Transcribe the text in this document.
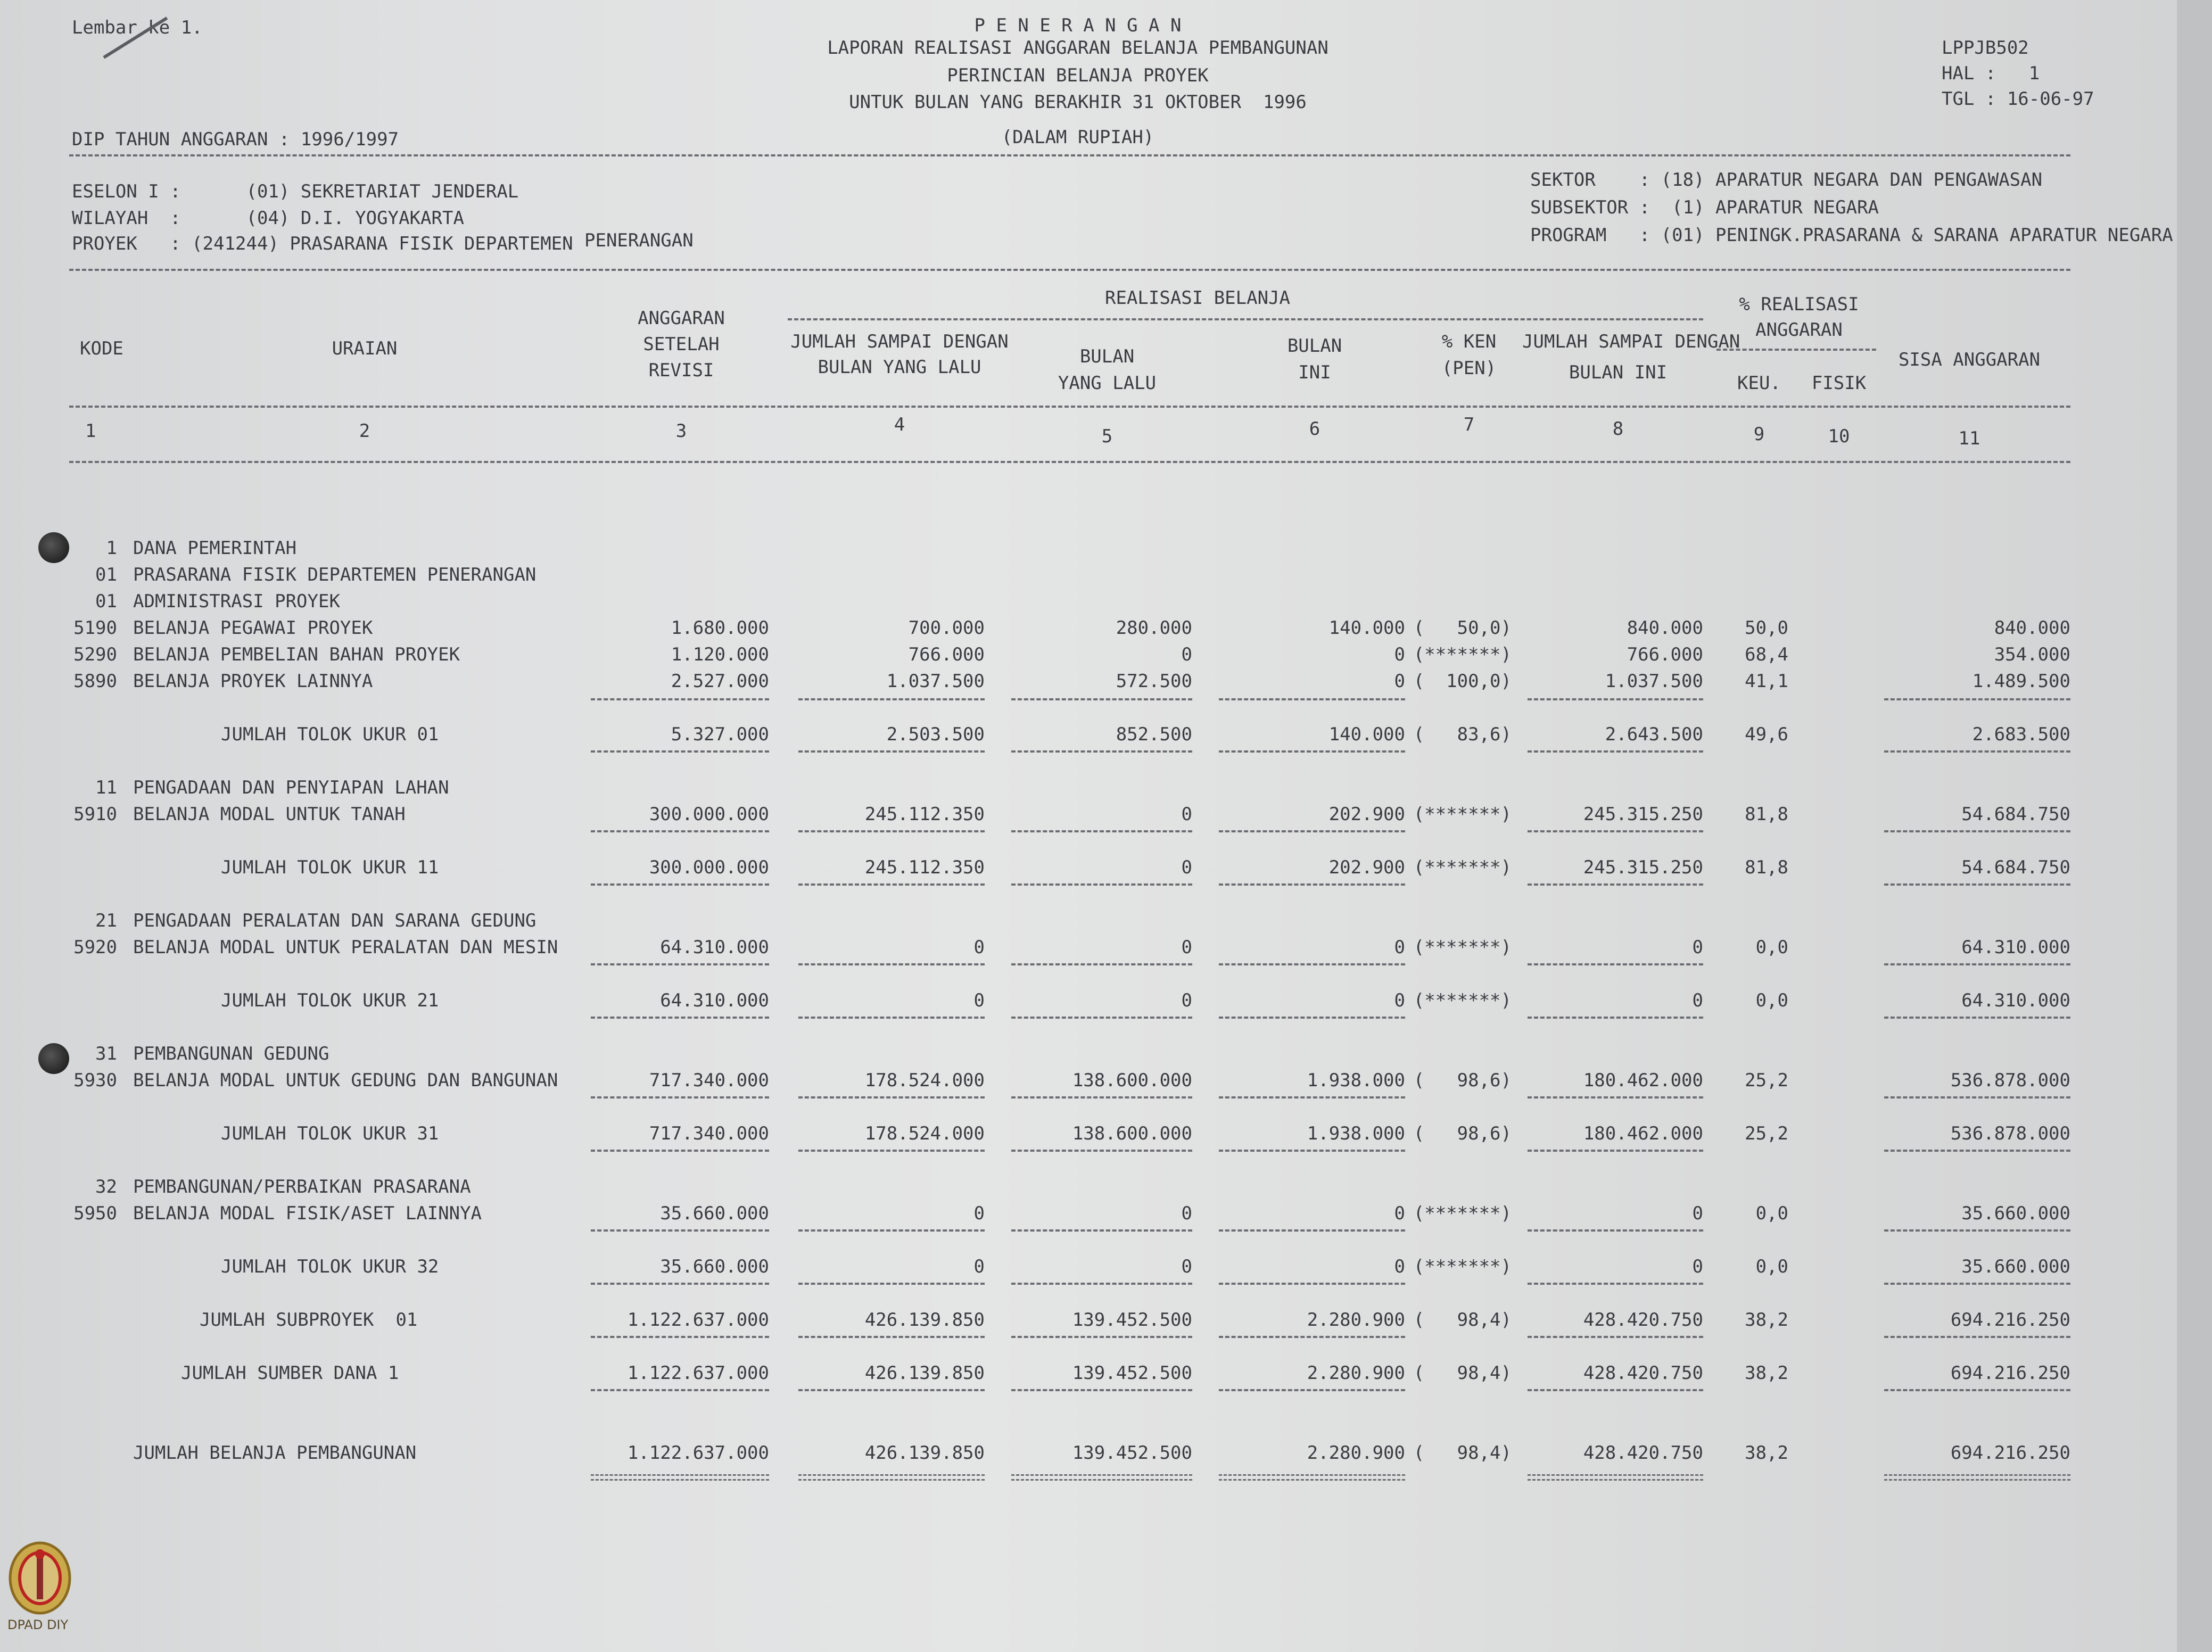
Lembar ke 1.	P E N E R A N G A N
LAPORAN REALISASI ANGGARAN BELANJA PEMBANGUNAN
PERINCIAN BELANJA PROYEK
UNTUK BULAN YANG BERAKHIR 31 OKTOBER  1996
(DALAM RUPIAH)
LPPJB502
HAL :   1
TGL : 16-06-97
DIP TAHUN ANGGARAN : 1996/1997
ESELON I :      (01) SEKRETARIAT JENDERAL
WILAYAH  :      (04) D.I. YOGYAKARTA
PROYEK   : (241244) PRASARANA FISIK DEPARTEMEN PENERANGAN
SEKTOR    : (18) APARATUR NEGARA DAN PENGAWASAN
SUBSEKTOR :  (1) APARATUR NEGARA
PROGRAM   : (01) PENINGK.PRASARANA & SARANA APARATUR NEGARA
KODE	URAIAN
ANGGARAN
SETELAH
REVISI
REALISASI BELANJA
JUMLAH SAMPAI DENGAN
BULAN YANG LALU	BULAN
YANG LALU
BULAN
INI
% KEN
(PEN)
JUMLAH SAMPAI DENGAN
BULAN INI
% REALISASI
ANGGARAN
KEU.	FISIK
SISA ANGGARAN
1	2	3	4
5	6	7	8	9	10	11
1 DANA PEMERINTAH
01 PRASARANA FISIK DEPARTEMEN PENERANGAN
01 ADMINISTRASI PROYEK
5190 BELANJA PEGAWAI PROYEK	1.680.000	700.000	280.000	140.000 (   50,0)	840.000	50,0	840.000
5290 BELANJA PEMBELIAN BAHAN PROYEK	1.120.000	766.000	0	0 (*******)	766.000	68,4	354.000
5890 BELANJA PROYEK LAINNYA	2.527.000	1.037.500	572.500	0 (  100,0)	1.037.500	41,1	1.489.500
JUMLAH TOLOK UKUR 01	5.327.000	2.503.500	852.500	140.000 (   83,6)	2.643.500	49,6	2.683.500
11 PENGADAAN DAN PENYIAPAN LAHAN
5910 BELANJA MODAL UNTUK TANAH	300.000.000	245.112.350	0	202.900 (*******)	245.315.250	81,8	54.684.750
JUMLAH TOLOK UKUR 11	300.000.000	245.112.350	0	202.900 (*******)	245.315.250	81,8	54.684.750
21 PENGADAAN PERALATAN DAN SARANA GEDUNG
5920 BELANJA MODAL UNTUK PERALATAN DAN MESIN	64.310.000	0	0	0 (*******)	0	0,0	64.310.000
JUMLAH TOLOK UKUR 21	64.310.000	0	0	0 (*******)	0	0,0	64.310.000
31 PEMBANGUNAN GEDUNG
5930 BELANJA MODAL UNTUK GEDUNG DAN BANGUNAN	717.340.000	178.524.000	138.600.000	1.938.000 (   98,6)	180.462.000	25,2	536.878.000
JUMLAH TOLOK UKUR 31	717.340.000	178.524.000	138.600.000	1.938.000 (   98,6)	180.462.000	25,2	536.878.000
32 PEMBANGUNAN/PERBAIKAN PRASARANA
5950 BELANJA MODAL FISIK/ASET LAINNYA	35.660.000	0	0	0 (*******)	0	0,0	35.660.000
JUMLAH TOLOK UKUR 32	35.660.000	0	0	0 (*******)	0	0,0	35.660.000
JUMLAH SUBPROYEK  01	1.122.637.000	426.139.850	139.452.500	2.280.900 (   98,4)	428.420.750	38,2	694.216.250
JUMLAH SUMBER DANA 1	1.122.637.000	426.139.850	139.452.500	2.280.900 (   98,4)	428.420.750	38,2	694.216.250
JUMLAH BELANJA PEMBANGUNAN	1.122.637.000	426.139.850	139.452.500	2.280.900 (   98,4)	428.420.750	38,2	694.216.250
DPAD DIY
